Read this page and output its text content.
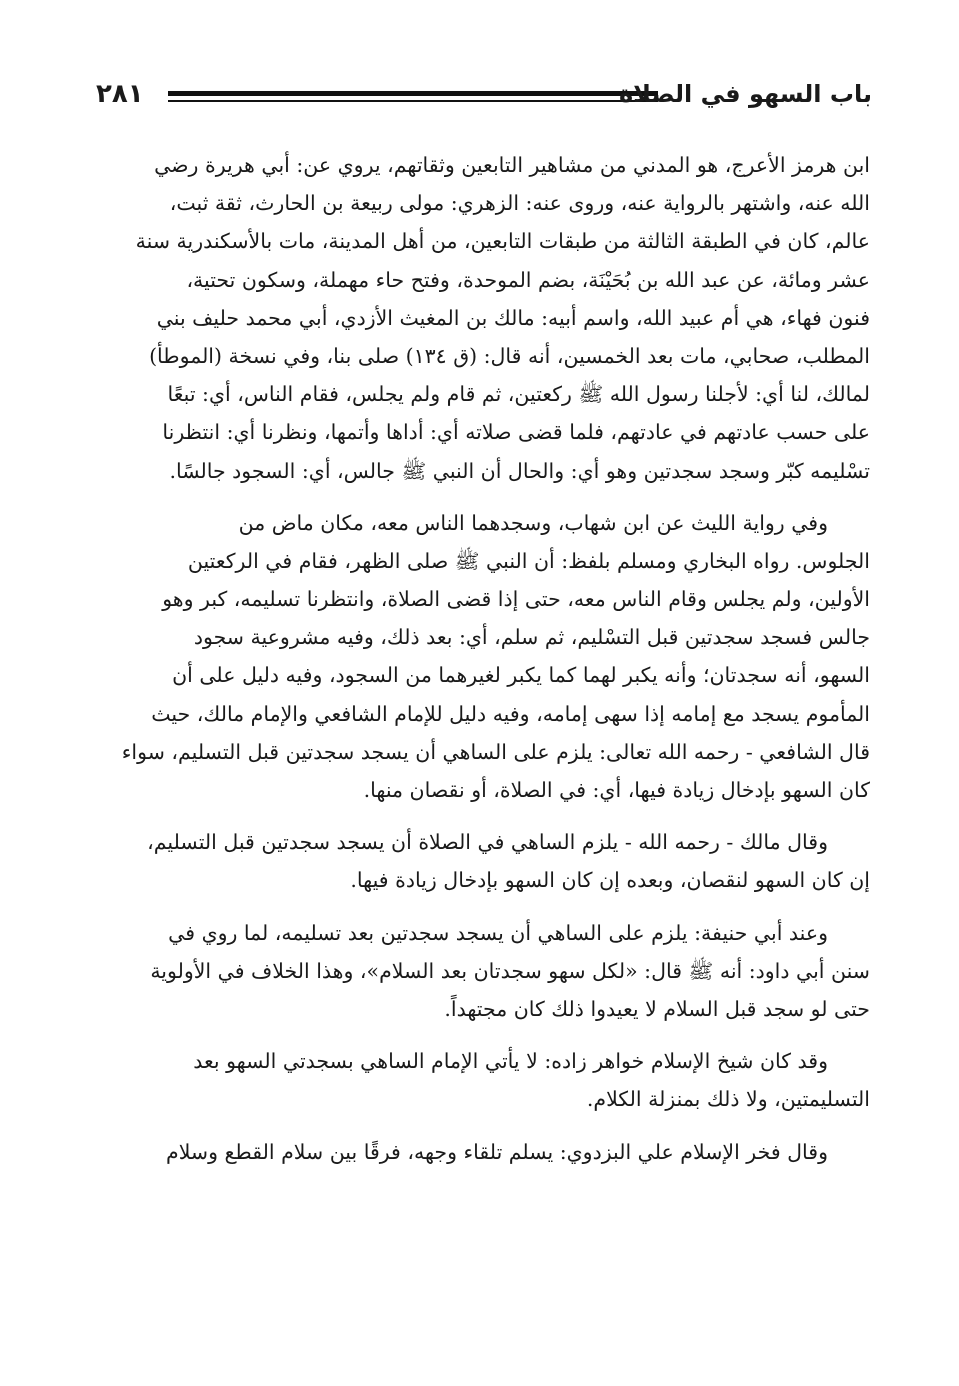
٢٨١	باب السهو في الصلاة
ابن هرمز الأعرج، هو المدني من مشاهير التابعين وثقاتهم، يروي عن: أبي هريرة رضي
الله عنه، واشتهر بالرواية عنه، وروى عنه: الزهري: مولى ربيعة بن الحارث، ثقة ثبت،
عالم، كان في الطبقة الثالثة من طبقات التابعين، من أهل المدينة، مات بالأسكندرية سنة
عشر ومائة، عن عبد الله بن بُحَيْنَة، بضم الموحدة، وفتح حاء مهملة، وسكون تحتية،
فنون فهاء، هي أم عبيد الله، واسم أبيه: مالك بن المغيث الأزدي، أبي محمد حليف بني
المطلب، صحابي، مات بعد الخمسين، أنه قال: (ق ١٣٤) صلى بنا، وفي نسخة (الموطأ)
لمالك، لنا أي: لأجلنا رسول الله ﷺ ركعتين، ثم قام ولم يجلس، فقام الناس، أي: تبعًا
على حسب عادتهم في عادتهم، فلما قضى صلاته أي: أداها وأتمها، ونظرنا أي: انتظرنا
تسْليمه كبّر وسجد سجدتين وهو أي: والحال أن النبي ﷺ جالس، أي: السجود جالسًا.
وفي رواية الليث عن ابن شهاب، وسجدهما الناس معه، مكان ماض من
الجلوس. رواه البخاري ومسلم بلفظ: أن النبي ﷺ صلى الظهر، فقام في الركعتين
الأولين، ولم يجلس وقام الناس معه، حتى إذا قضى الصلاة، وانتظرنا تسليمه، كبر وهو
جالس فسجد سجدتين قبل التسْليم، ثم سلم، أي: بعد ذلك، وفيه مشروعية سجود
السهو، أنه سجدتان؛ وأنه يكبر لهما كما يكبر لغيرهما من السجود، وفيه دليل على أن
المأموم يسجد مع إمامه إذا سهى إمامه، وفيه دليل للإمام الشافعي والإمام مالك، حيث
قال الشافعي - رحمه الله تعالى: يلزم على الساهي أن يسجد سجدتين قبل التسليم، سواء
كان السهو بإدخال زيادة فيها، أي: في الصلاة، أو نقصان منها.
وقال مالك - رحمه الله - يلزم الساهي في الصلاة أن يسجد سجدتين قبل التسليم،
إن كان السهو لنقصان، وبعده إن كان السهو بإدخال زيادة فيها.
وعند أبي حنيفة: يلزم على الساهي أن يسجد سجدتين بعد تسليمه، لما روي في
سنن أبي داود: أنه ﷺ قال: «لكل سهو سجدتان بعد السلام»، وهذا الخلاف في الأولوية
حتى لو سجد قبل السلام لا يعيدوا ذلك كان مجتهداً.
وقد كان شيخ الإسلام خواهر زاده: لا يأتي الإمام الساهي بسجدتي السهو بعد
التسليمتين، ولا ذلك بمنزلة الكلام.
وقال فخر الإسلام علي البزدوي: يسلم تلقاء وجهه، فرقًا بين سلام القطع وسلام
